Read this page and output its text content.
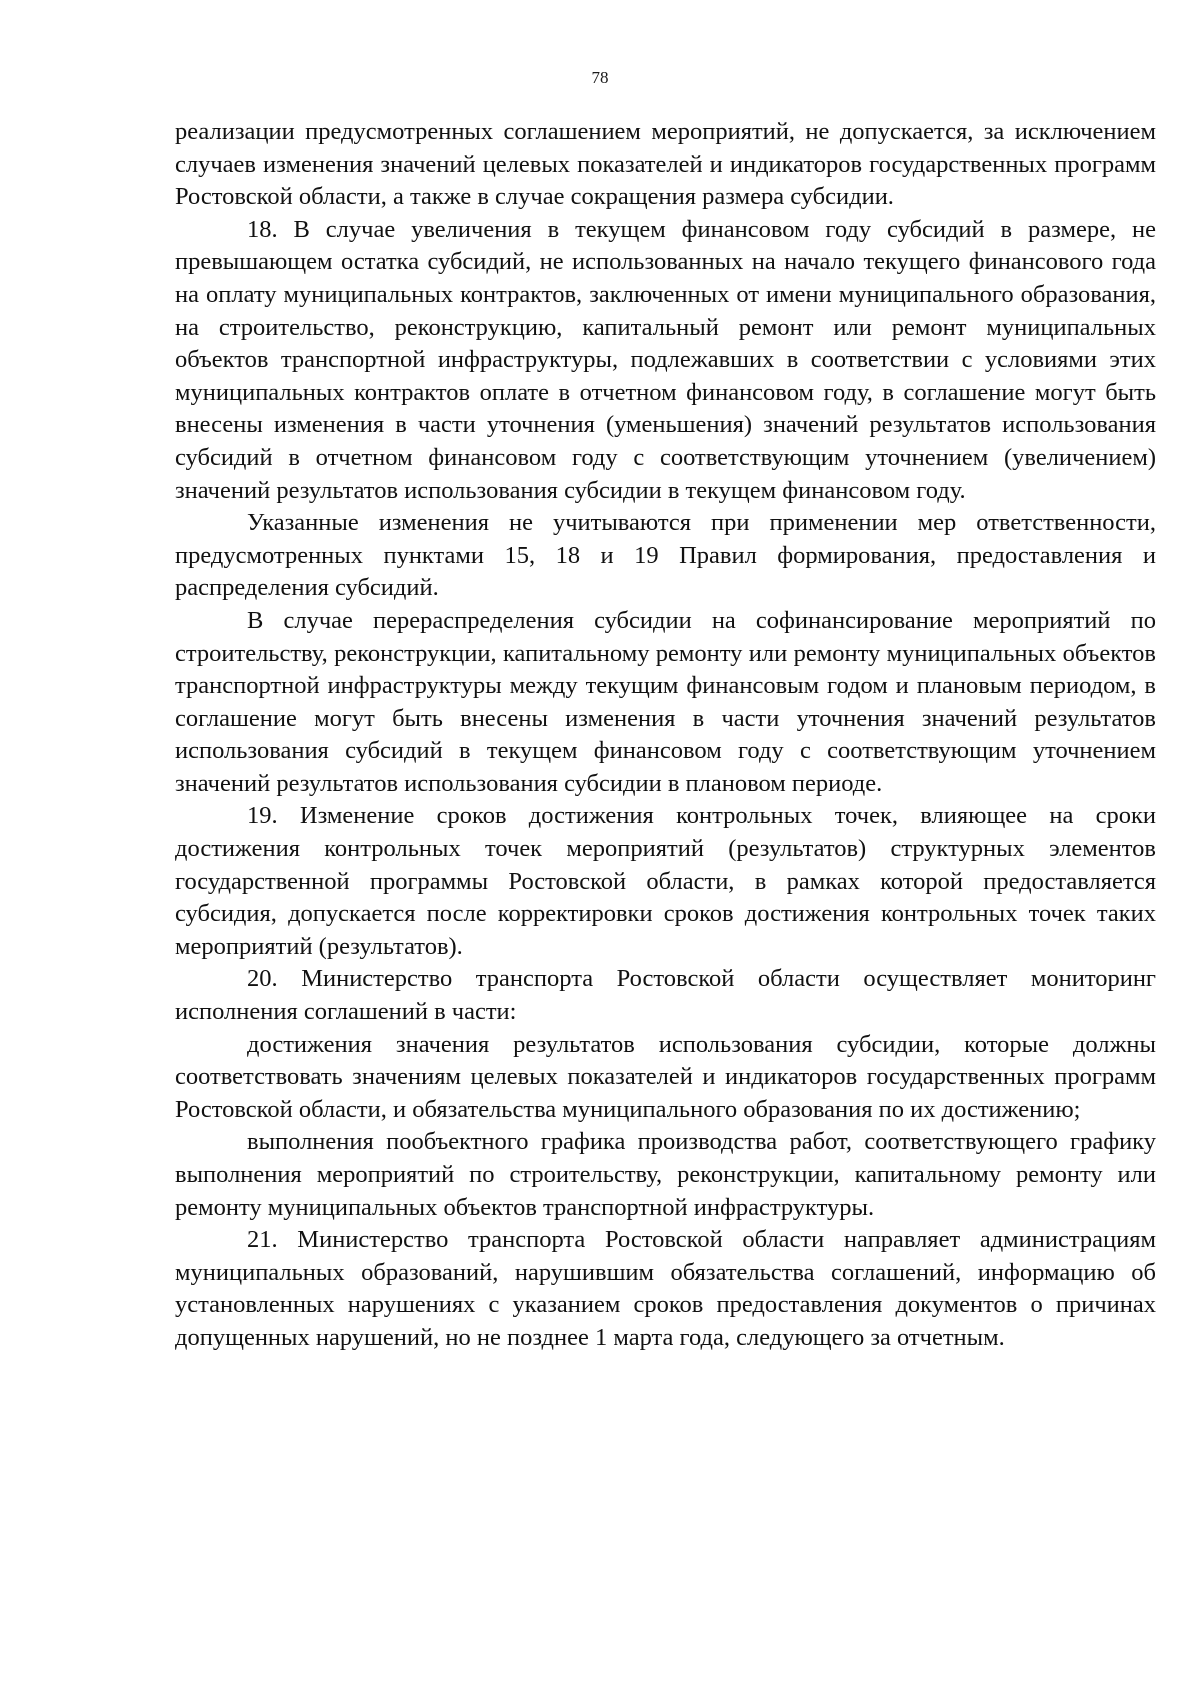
78

реализации предусмотренных соглашением мероприятий, не допускается, за исключением случаев изменения значений целевых показателей и индикаторов государственных программ Ростовской области, а также в случае сокращения размера субсидии.

18. В случае увеличения в текущем финансовом году субсидий в размере, не превышающем остатка субсидий, не использованных на начало текущего финансового года на оплату муниципальных контрактов, заключенных от имени муниципального образования, на строительство, реконструкцию, капитальный ремонт или ремонт муниципальных объектов транспортной инфраструктуры, подлежавших в соответствии с условиями этих муниципальных контрактов оплате в отчетном финансовом году, в соглашение могут быть внесены изменения в части уточнения (уменьшения) значений результатов использования субсидий в отчетном финансовом году с соответствующим уточнением (увеличением) значений результатов использования субсидии в текущем финансовом году.

Указанные изменения не учитываются при применении мер ответственности, предусмотренных пунктами 15, 18 и 19 Правил формирования, предоставления и распределения субсидий.

В случае перераспределения субсидии на софинансирование мероприятий по строительству, реконструкции, капитальному ремонту или ремонту муниципальных объектов транспортной инфраструктуры между текущим финансовым годом и плановым периодом, в соглашение могут быть внесены изменения в части уточнения значений результатов использования субсидий в текущем финансовом году с соответствующим уточнением значений результатов использования субсидии в плановом периоде.

19. Изменение сроков достижения контрольных точек, влияющее на сроки достижения контрольных точек мероприятий (результатов) структурных элементов государственной программы Ростовской области, в рамках которой предоставляется субсидия, допускается после корректировки сроков достижения контрольных точек таких мероприятий (результатов).

20. Министерство транспорта Ростовской области осуществляет мониторинг исполнения соглашений в части:

достижения значения результатов использования субсидии, которые должны соответствовать значениям целевых показателей и индикаторов государственных программ Ростовской области, и обязательства муниципального образования по их достижению;

выполнения пообъектного графика производства работ, соответствующего графику выполнения мероприятий по строительству, реконструкции, капитальному ремонту или ремонту муниципальных объектов транспортной инфраструктуры.

21. Министерство транспорта Ростовской области направляет администрациям муниципальных образований, нарушившим обязательства соглашений, информацию об установленных нарушениях с указанием сроков предоставления документов о причинах допущенных нарушений, но не позднее 1 марта года, следующего за отчетным.
